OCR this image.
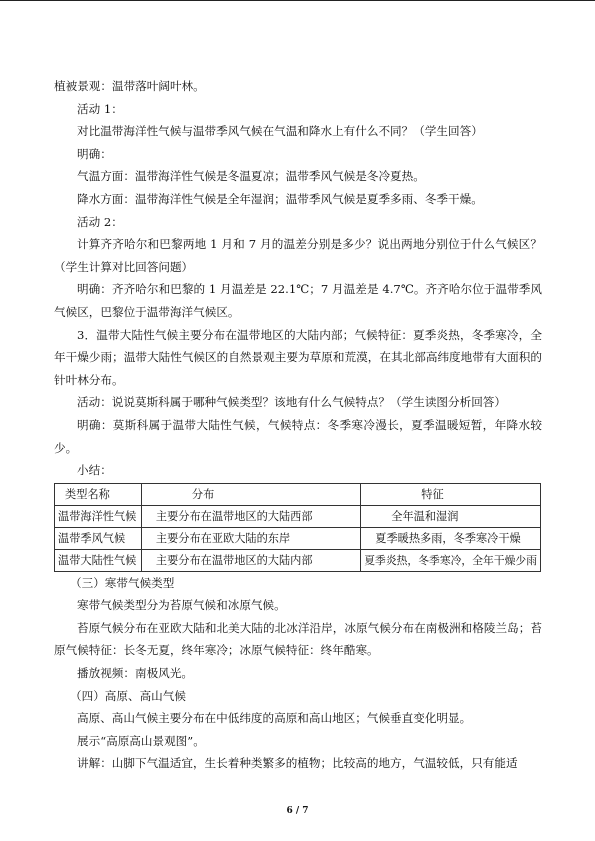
植被景观：温带落叶阔叶林。

活动 1：

对比温带海洋性气候与温带季风气候在气温和降水上有什么不同？（学生回答）

明确：

气温方面：温带海洋性气候是冬温夏凉；温带季风气候是冬冷夏热。

降水方面：温带海洋性气候是全年湿润；温带季风气候是夏季多雨、冬季干燥。

活动 2：

计算齐齐哈尔和巴黎两地 1 月和 7 月的温差分别是多少？说出两地分别位于什么气候区？（学生计算对比回答问题）

明确：齐齐哈尔和巴黎的 1 月温差是 22.1℃；7 月温差是 4.7℃。齐齐哈尔位于温带季风气候区，巴黎位于温带海洋气候区。

3．温带大陆性气候主要分布在温带地区的大陆内部；气候特征：夏季炎热，冬季寒冷，全年干燥少雨；温带大陆性气候区的自然景观主要为草原和荒漠，在其北部高纬度地带有大面积的针叶林分布。

活动：说说莫斯科属于哪种气候类型？该地有什么气候特点？（学生读图分析回答）

明确：莫斯科属于温带大陆性气候，气候特点：冬季寒冷漫长，夏季温暖短暂，年降水较少。

小结：

类型名称	分布	特征
温带海洋性气候	主要分布在温带地区的大陆西部	全年温和湿润
温带季风气候	主要分布在亚欧大陆的东岸	夏季暖热多雨，冬季寒冷干燥
温带大陆性气候	主要分布在温带地区的大陆内部	夏季炎热，冬季寒冷，全年干燥少雨

（三）寒带气候类型

寒带气候类型分为苔原气候和冰原气候。

苔原气候分布在亚欧大陆和北美大陆的北冰洋沿岸，冰原气候分布在南极洲和格陵兰岛；苔原气候特征：长冬无夏，终年寒冷；冰原气候特征：终年酷寒。

播放视频：南极风光。

（四）高原、高山气候

高原、高山气候主要分布在中低纬度的高原和高山地区；气候垂直变化明显。

展示“高原高山景观图”。

讲解：山脚下气温适宜，生长着种类繁多的植物；比较高的地方，气温较低，只有能适

6 / 7
